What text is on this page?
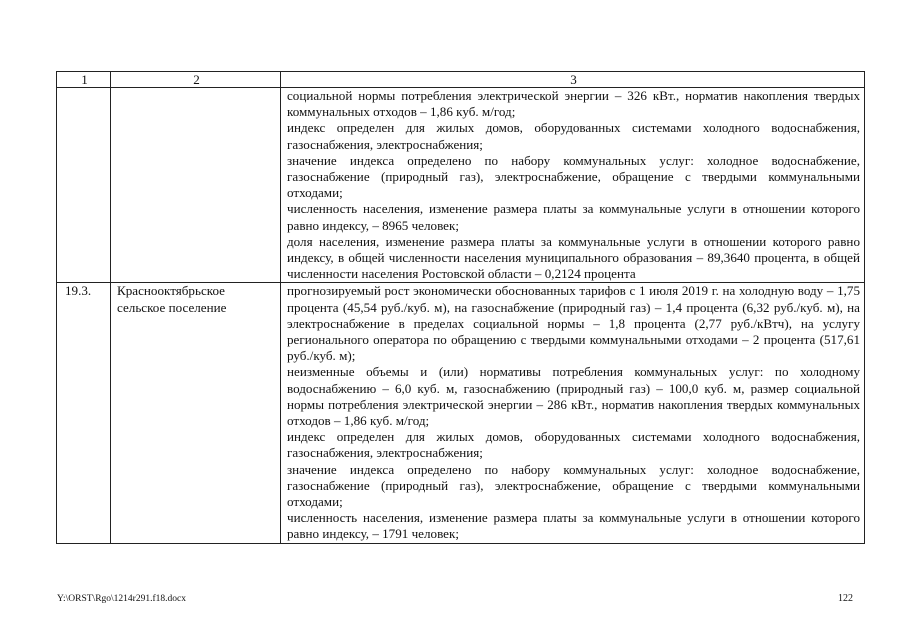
1	2	3

		социальной нормы потребления электрической энергии – 326 кВт., норматив накопления твердых коммунальных отходов – 1,86 куб. м/год;
индекс определен для жилых домов, оборудованных системами холодного водоснабжения, газоснабжения, электроснабжения;
значение индекса определено по набору коммунальных услуг: холодное водоснабжение, газоснабжение (природный газ), электроснабжение, обращение с твердыми коммунальными отходами;
численность населения, изменение размера платы за коммунальные услуги в отношении которого равно индексу, – 8965 человек;
доля населения, изменение размера платы за коммунальные услуги в отношении которого равно индексу, в общей численности населения муниципального образования – 89,3640 процента, в общей численности населения Ростовской области – 0,2124 процента

19.3.	Краснооктябрьское сельское поселение	прогнозируемый рост экономически обоснованных тарифов с 1 июля 2019 г. на холодную воду – 1,75 процента (45,54 руб./куб. м), на газоснабжение (природный газ) – 1,4 процента (6,32 руб./куб. м), на электроснабжение в пределах социальной нормы – 1,8 процента (2,77 руб./кВтч), на услугу регионального оператора по обращению с твердыми коммунальными отходами – 2 процента (517,61 руб./куб. м);
неизменные объемы и (или) нормативы потребления коммунальных услуг: по холодному водоснабжению – 6,0 куб. м, газоснабжению (природный газ) – 100,0 куб. м, размер социальной нормы потребления электрической энергии – 286 кВт., норматив накопления твердых коммунальных отходов – 1,86 куб. м/год;
индекс определен для жилых домов, оборудованных системами холодного водоснабжения, газоснабжения, электроснабжения;
значение индекса определено по набору коммунальных услуг: холодное водоснабжение, газоснабжение (природный газ), электроснабжение, обращение с твердыми коммунальными отходами;
численность населения, изменение размера платы за коммунальные услуги в отношении которого равно индексу, – 1791 человек;
Y:\ORST\Rgo\1214r291.f18.docx	122
